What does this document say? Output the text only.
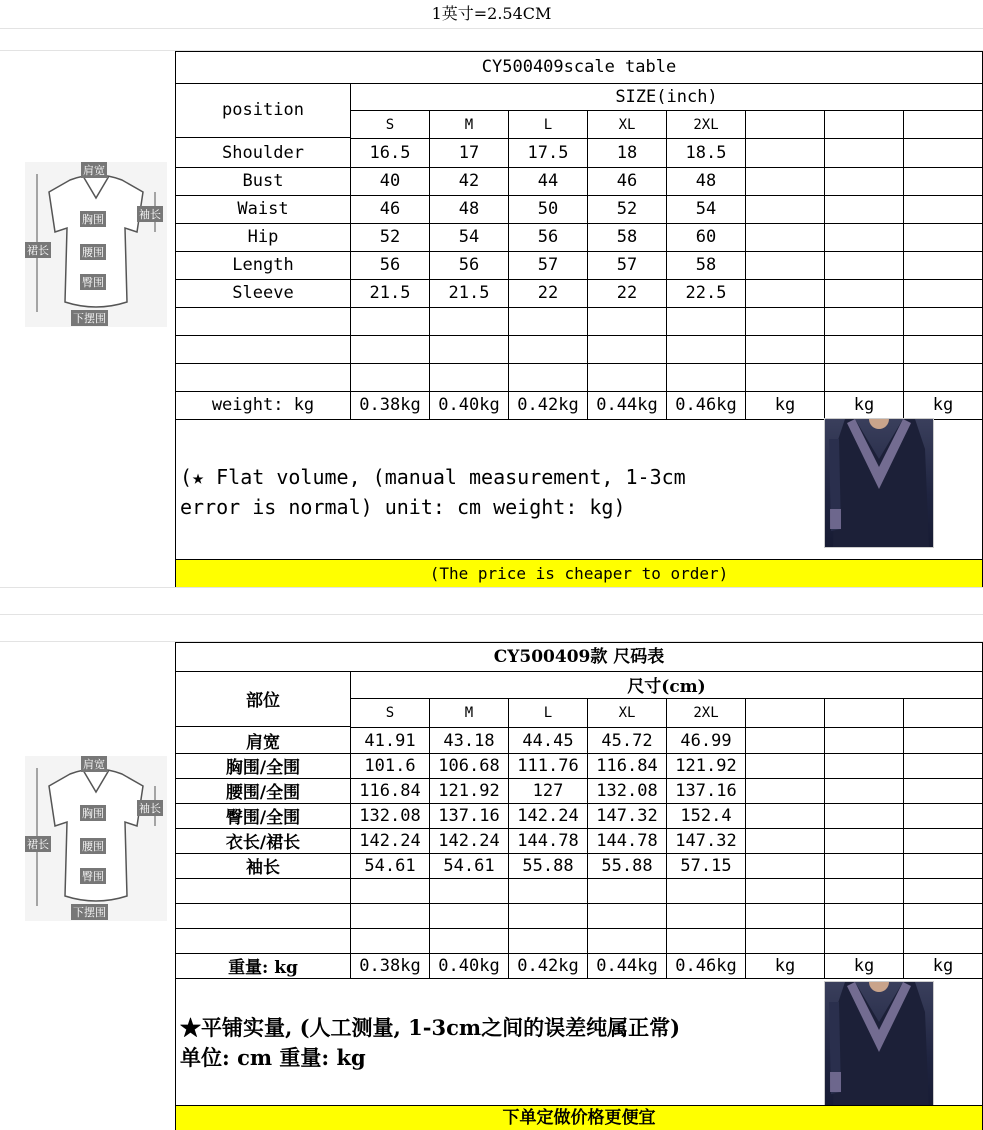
1英寸=2.54CM
CY500409scale table
position
SIZE(inch)
S	M	L	XL	2XL
Shoulder	16.5	17	17.5	18	18.5
Bust	40	42	44	46	48
Waist	46	48	50	52	54
Hip	52	54	56	58	60
Length	56	56	57	57	58
Sleeve	21.5	21.5	22	22	22.5
weight: kg	0.38kg	0.40kg	0.42kg	0.44kg	0.46kg	kg	kg	kg
(★ Flat volume, (manual measurement, 1-3cm
error is normal) unit: cm weight: kg)
(The price is cheaper to order)
CY500409款 尺码表
部位
尺寸(cm)
S	M	L	XL	2XL
肩宽	41.91	43.18	44.45	45.72	46.99
胸围/全围	101.6	106.68	111.76	116.84	121.92
腰围/全围	116.84	121.92	127	132.08	137.16
臀围/全围	132.08	137.16	142.24	147.32	152.4
衣长/裙长	142.24	142.24	144.78	144.78	147.32
袖长	54.61	54.61	55.88	55.88	57.15
重量: kg	0.38kg	0.40kg	0.42kg	0.44kg	0.46kg	kg	kg	kg
★平铺实量, (人工测量, 1-3cm之间的误差纯属正常)
单位: cm 重量: kg
下单定做价格更便宜
肩宽
袖长
胸围
裙长	腰围
臀围
下摆围
肩宽
袖长
胸围
裙长	腰围
臀围
下摆围
